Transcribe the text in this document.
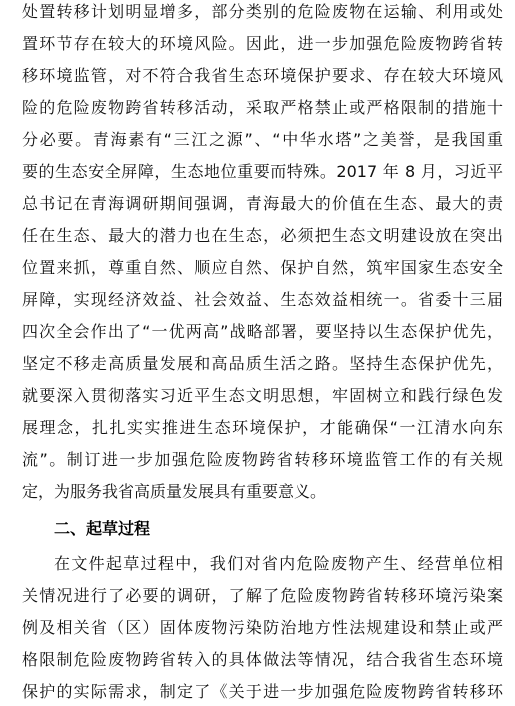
处置转移计划明显增多，部分类别的危险废物在运输、利用或处
置环节存在较大的环境风险。因此，进一步加强危险废物跨省转
移环境监管，对不符合我省生态环境保护要求、存在较大环境风
险的危险废物跨省转移活动，采取严格禁止或严格限制的措施十
分必要。青海素有“三江之源”、“中华水塔”之美誉，是我国重
要的生态安全屏障，生态地位重要而特殊。2017 年 8 月，习近平
总书记在青海调研期间强调，青海最大的价值在生态、最大的责
任在生态、最大的潜力也在生态，必须把生态文明建设放在突出
位置来抓，尊重自然、顺应自然、保护自然，筑牢国家生态安全
屏障，实现经济效益、社会效益、生态效益相统一。省委十三届
四次全会作出了“一优两高”战略部署，要坚持以生态保护优先，
坚定不移走高质量发展和高品质生活之路。坚持生态保护优先，
就要深入贯彻落实习近平生态文明思想，牢固树立和践行绿色发
展理念，扎扎实实推进生态环境保护，才能确保“一江清水向东
流”。制订进一步加强危险废物跨省转移环境监管工作的有关规
定，为服务我省高质量发展具有重要意义。
二、起草过程
在文件起草过程中，我们对省内危险废物产生、经营单位相
关情况进行了必要的调研，了解了危险废物跨省转移环境污染案
例及相关省（区）固体废物污染防治地方性法规建设和禁止或严
格限制危险废物跨省转入的具体做法等情况，结合我省生态环境
保护的实际需求，制定了《关于进一步加强危险废物跨省转移环
